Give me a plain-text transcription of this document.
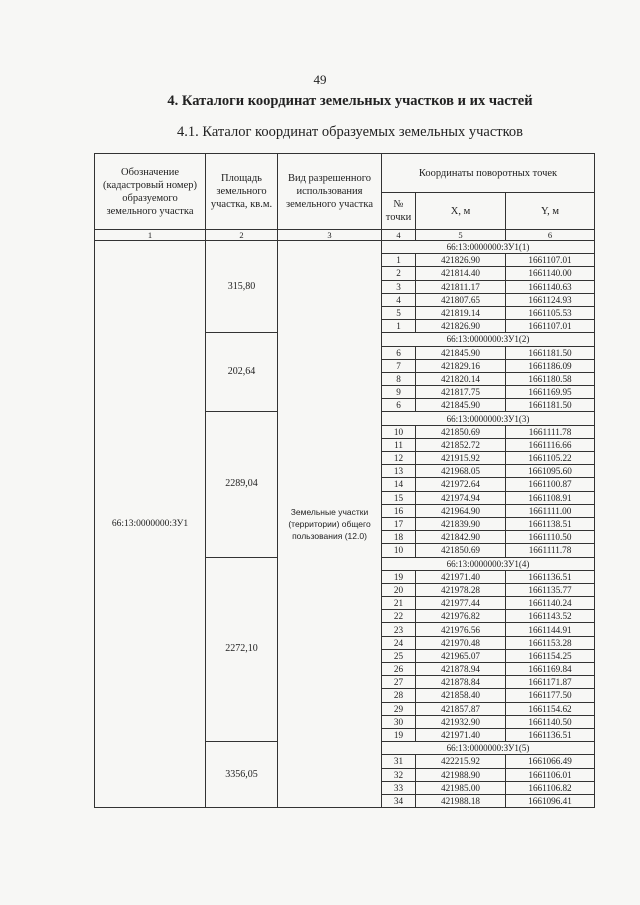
49
4. Каталоги координат земельных участков и их частей
4.1. Каталог координат образуемых земельных участков
Обозначение (кадастровый номер) образуемого земельного участка	Площадь земельного участка, кв.м.	Вид разрешенного использования земельного участка	Координаты поворотных точек		
			№ точки	X, м	Y, м
1	2	3	4	5	6
66:13:0000000:ЗУ1	315,80	Земельные участки (территории) общего пользования (12.0)	66:13:0000000:ЗУ1(1)		
			1	421826.90	1661107.01
			2	421814.40	1661140.00
			3	421811.17	1661140.63
			4	421807.65	1661124.93
			5	421819.14	1661105.53
			1	421826.90	1661107.01
	202,64		66:13:0000000:ЗУ1(2)		
			6	421845.90	1661181.50
			7	421829.16	1661186.09
			8	421820.14	1661180.58
			9	421817.75	1661169.95
			6	421845.90	1661181.50
	2289,04		66:13:0000000:ЗУ1(3)		
			10	421850.69	1661111.78
			11	421852.72	1661116.66
			12	421915.92	1661105.22
			13	421968.05	1661095.60
			14	421972.64	1661100.87
			15	421974.94	1661108.91
			16	421964.90	1661111.00
			17	421839.90	1661138.51
			18	421842.90	1661110.50
			10	421850.69	1661111.78
	2272,10		66:13:0000000:ЗУ1(4)		
			19	421971.40	1661136.51
			20	421978.28	1661135.77
			21	421977.44	1661140.24
			22	421976.82	1661143.52
			23	421976.56	1661144.91
			24	421970.48	1661153.28
			25	421965.07	1661154.25
			26	421878.94	1661169.84
			27	421878.84	1661171.87
			28	421858.40	1661177.50
			29	421857.87	1661154.62
			30	421932.90	1661140.50
			19	421971.40	1661136.51
	3356,05		66:13:0000000:ЗУ1(5)		
			31	422215.92	1661066.49
			32	421988.90	1661106.01
			33	421985.00	1661106.82
			34	421988.18	1661096.41
